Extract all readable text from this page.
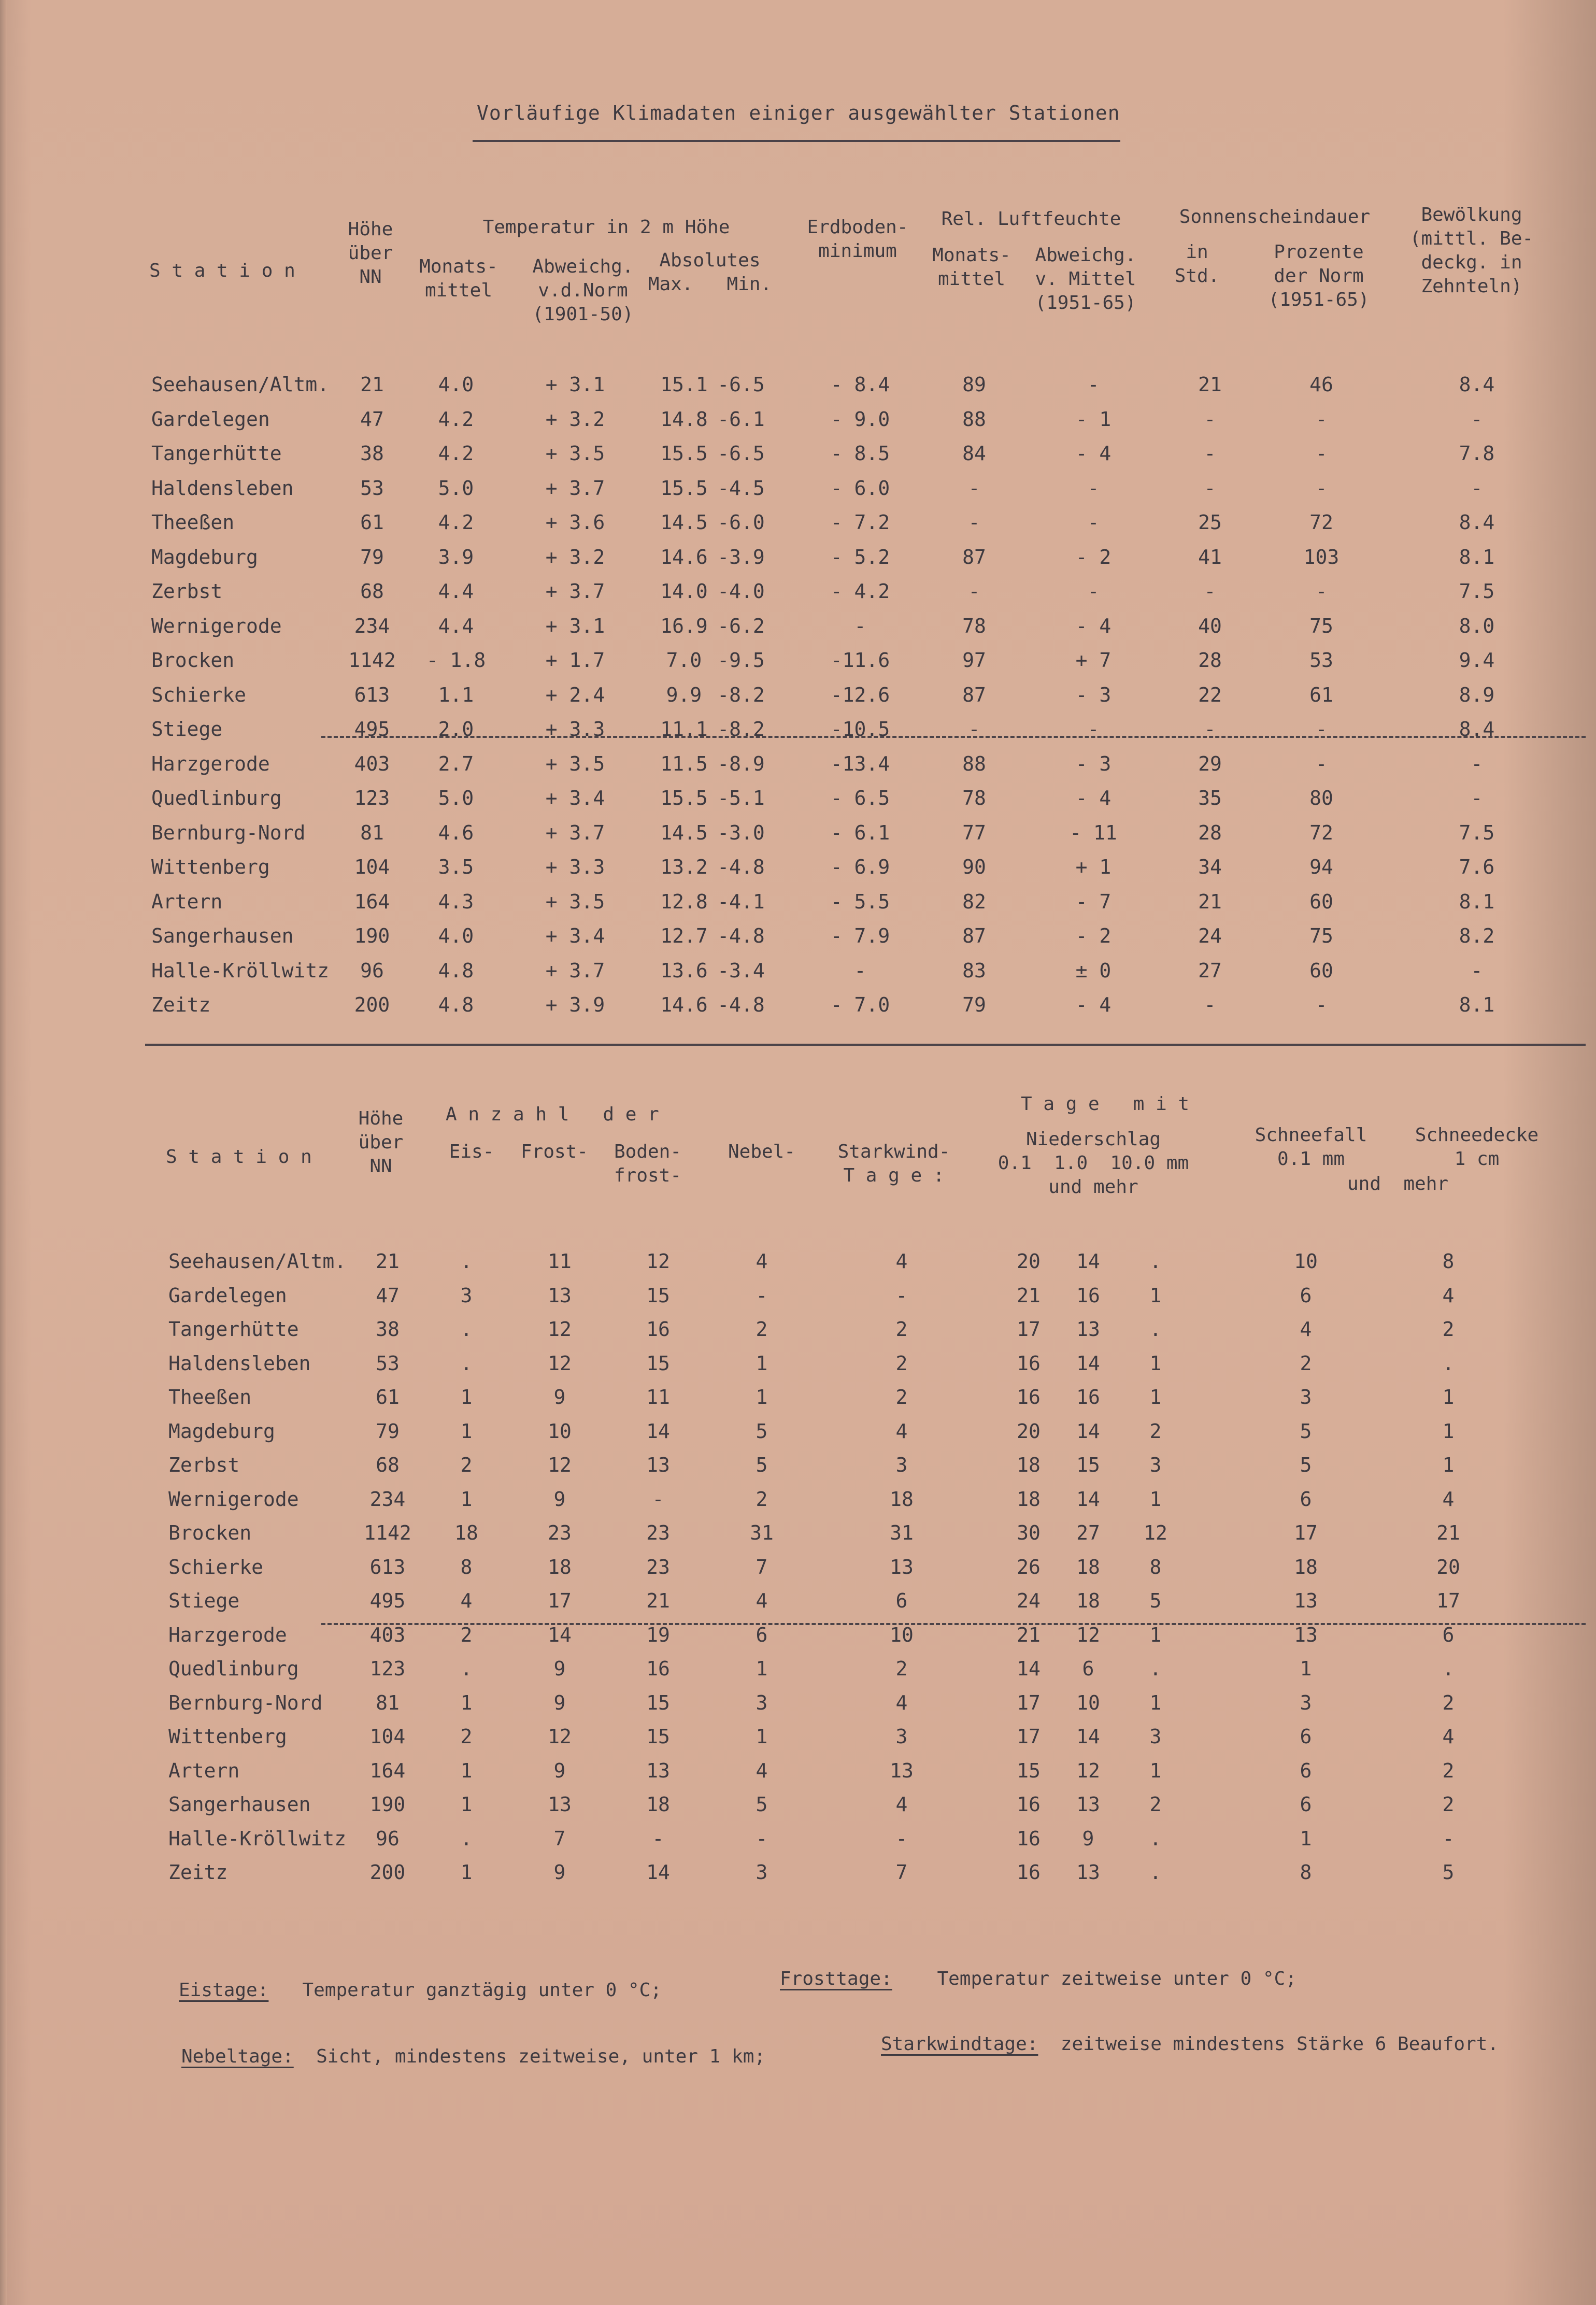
Vorläufige Klimadaten einiger ausgewählter Stationen
S t a t i o n
Höhe
über
NN
Temperatur in 2 m Höhe
Monats-
mittel
Abweichg.
v.d.Norm
(1901-50)
Absolutes
Max.   Min.
Erdboden-
minimum
Rel. Luftfeuchte
Monats-
mittel
Abweichg.
v. Mittel
(1951-65)
Sonnenscheindauer
in
Std.
Prozente
der Norm
(1951-65)
Bewölkung
(mittl. Be-
deckg. in
Zehnteln)
Seehausen/Altm. 21	4.0	+ 3.1	15.1 -6.5	- 8.4	89	-	21	46	8.4
Gardelegen	47	4.2	+ 3.2	14.8 -6.1	- 9.0	88	- 1	-	-	-
Tangerhütte	38	4.2	+ 3.5	15.5 -6.5	- 8.5	84	- 4	-	-	7.8
Haldensleben	53	5.0	+ 3.7	15.5 -4.5	- 6.0	-	-	-	-	-
Theeßen	61	4.2	+ 3.6	14.5 -6.0	- 7.2	-	-	25	72	8.4
Magdeburg	79	3.9	+ 3.2	14.6 -3.9	- 5.2	87	- 2	41	103	8.1
Zerbst	68	4.4	+ 3.7	14.0 -4.0	- 4.2	-	-	-	-	7.5
Wernigerode	234 4.4	+ 3.1	16.9 -6.2	-	78	- 4	40	75	8.0
Brocken	1142 - 1.8	+ 1.7	7.0 -9.5	-11.6	97	+ 7	28	53	9.4
Schierke	613 1.1	+ 2.4	9.9 -8.2	-12.6	87	- 3	22	61	8.9
Stiege	495 2.0	+ 3.3	11.1 -8.2	-10.5	-	-	-	-	8.4
Harzgerode	403 2.7	+ 3.5	11.5 -8.9	-13.4	88	- 3	29	-	-
Quedlinburg	123 5.0	+ 3.4	15.5 -5.1	- 6.5	78	- 4	35	80	-
Bernburg-Nord	81	4.6	+ 3.7	14.5 -3.0	- 6.1	77	- 11	28	72	7.5
Wittenberg	104 3.5	+ 3.3	13.2 -4.8	- 6.9	90	+ 1	34	94	7.6
Artern	164 4.3	+ 3.5	12.8 -4.1	- 5.5	82	- 7	21	60	8.1
Sangerhausen	190 4.0	+ 3.4	12.7 -4.8	- 7.9	87	- 2	24	75	8.2
Halle-Kröllwitz 96	4.8	+ 3.7	13.6 -3.4	-	83	± 0	27	60	-
Zeitz	200 4.8	+ 3.9	14.6 -4.8	- 7.0	79	- 4	-	-	8.1
S t a t i o n
Höhe
über
NN
A n z a h l   d e r
Eis-	Frost-	Boden-
frost-
Nebel-	Starkwind-
T a g e :
T a g e   m i t
Niederschlag
0.1  1.0  10.0 mm
und mehr
Schneefall
0.1 mm
Schneedecke
1 cm
und  mehr
Seehausen/Altm. 21	.	11	12	4	4	20 14	.	10	8
Gardelegen	47	3	13	15	-	-	21 16	1	6	4
Tangerhütte	38	.	12	16	2	2	17 13	.	4	2
Haldensleben	53	.	12	15	1	2	16 14	1	2	.
Theeßen	61	1	9	11	1	2	16 16	1	3	1
Magdeburg	79	1	10	14	5	4	20 14	2	5	1
Zerbst	68	2	12	13	5	3	18 15	3	5	1
Wernigerode	234	1	9	-	2	18	18 14	1	6	4
Brocken	1142 18	23	23	31	31	30 27 12	17	21
Schierke	613	8	18	23	7	13	26 18	8	18	20
Stiege	495	4	17	21	4	6	24 18	5	13	17
Harzgerode	403	2	14	19	6	10	21 12	1	13	6
Quedlinburg	123	.	9	16	1	2	14 6	.	1	.
Bernburg-Nord	81	1	9	15	3	4	17 10	1	3	2
Wittenberg	104	2	12	15	1	3	17 14	3	6	4
Artern	164	1	9	13	4	13	15 12	1	6	2
Sangerhausen	190	1	13	18	5	4	16 13	2	6	2
Halle-Kröllwitz 96	.	7	-	-	-	16 9	.	1	-
Zeitz	200	1	9	14	3	7	16 13	.	8	5
Eistage: Temperatur ganztägig unter 0 °C;
Frosttage: Temperatur zeitweise unter 0 °C;
Nebeltage: Sicht, mindestens zeitweise, unter 1 km;
Starkwindtage: zeitweise mindestens Stärke 6 Beaufort.
